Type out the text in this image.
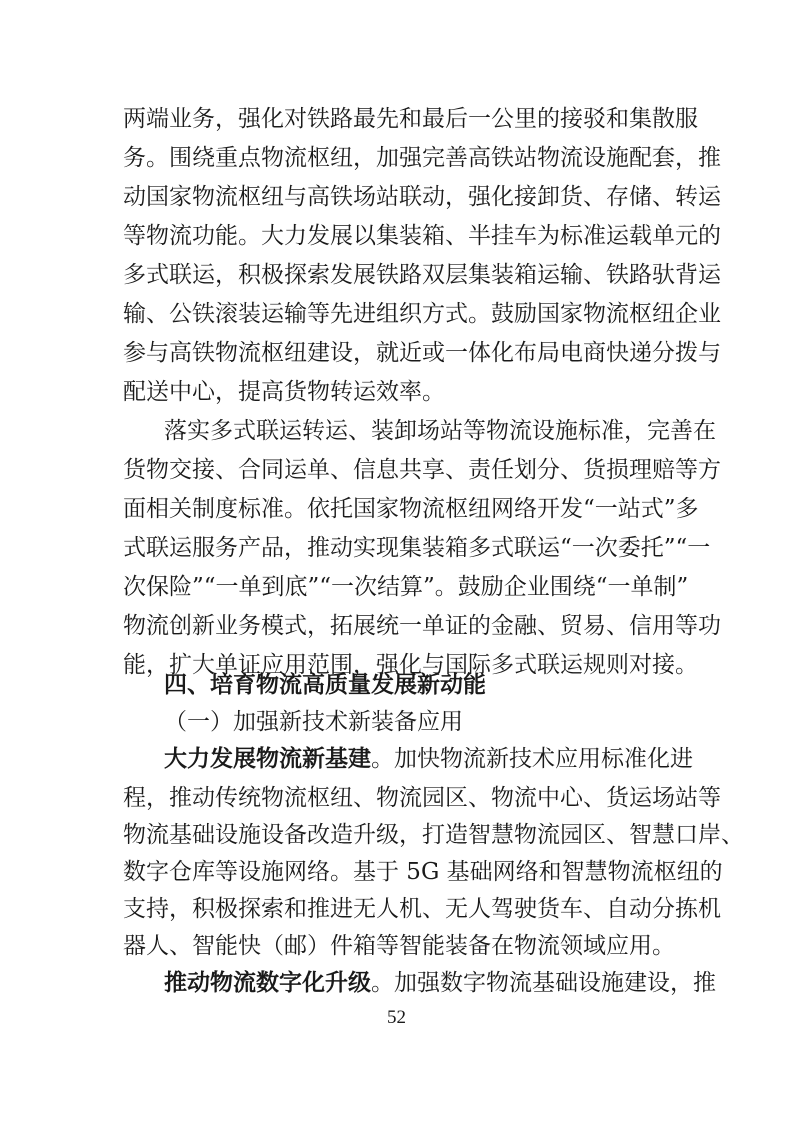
两端业务，强化对铁路最先和最后一公里的接驳和集散服
务。围绕重点物流枢纽，加强完善高铁站物流设施配套，推
动国家物流枢纽与高铁场站联动，强化接卸货、存储、转运
等物流功能。大力发展以集装箱、半挂车为标准运载单元的
多式联运，积极探索发展铁路双层集装箱运输、铁路驮背运
输、公铁滚装运输等先进组织方式。鼓励国家物流枢纽企业
参与高铁物流枢纽建设，就近或一体化布局电商快递分拨与
配送中心，提高货物转运效率。
落实多式联运转运、装卸场站等物流设施标准，完善在
货物交接、合同运单、信息共享、责任划分、货损理赔等方
面相关制度标准。依托国家物流枢纽网络开发“一站式”多
式联运服务产品，推动实现集装箱多式联运“一次委托”“一
次保险”“一单到底”“一次结算”。鼓励企业围绕“一单制”
物流创新业务模式，拓展统一单证的金融、贸易、信用等功
能，扩大单证应用范围，强化与国际多式联运规则对接。
四、培育物流高质量发展新动能
（一）加强新技术新装备应用
大力发展物流新基建。加快物流新技术应用标准化进
程，推动传统物流枢纽、物流园区、物流中心、货运场站等
物流基础设施设备改造升级，打造智慧物流园区、智慧口岸、
数字仓库等设施网络。基于 5G 基础网络和智慧物流枢纽的
支持，积极探索和推进无人机、无人驾驶货车、自动分拣机
器人、智能快（邮）件箱等智能装备在物流领域应用。
52
推动物流数字化升级。加强数字物流基础设施建设，推
